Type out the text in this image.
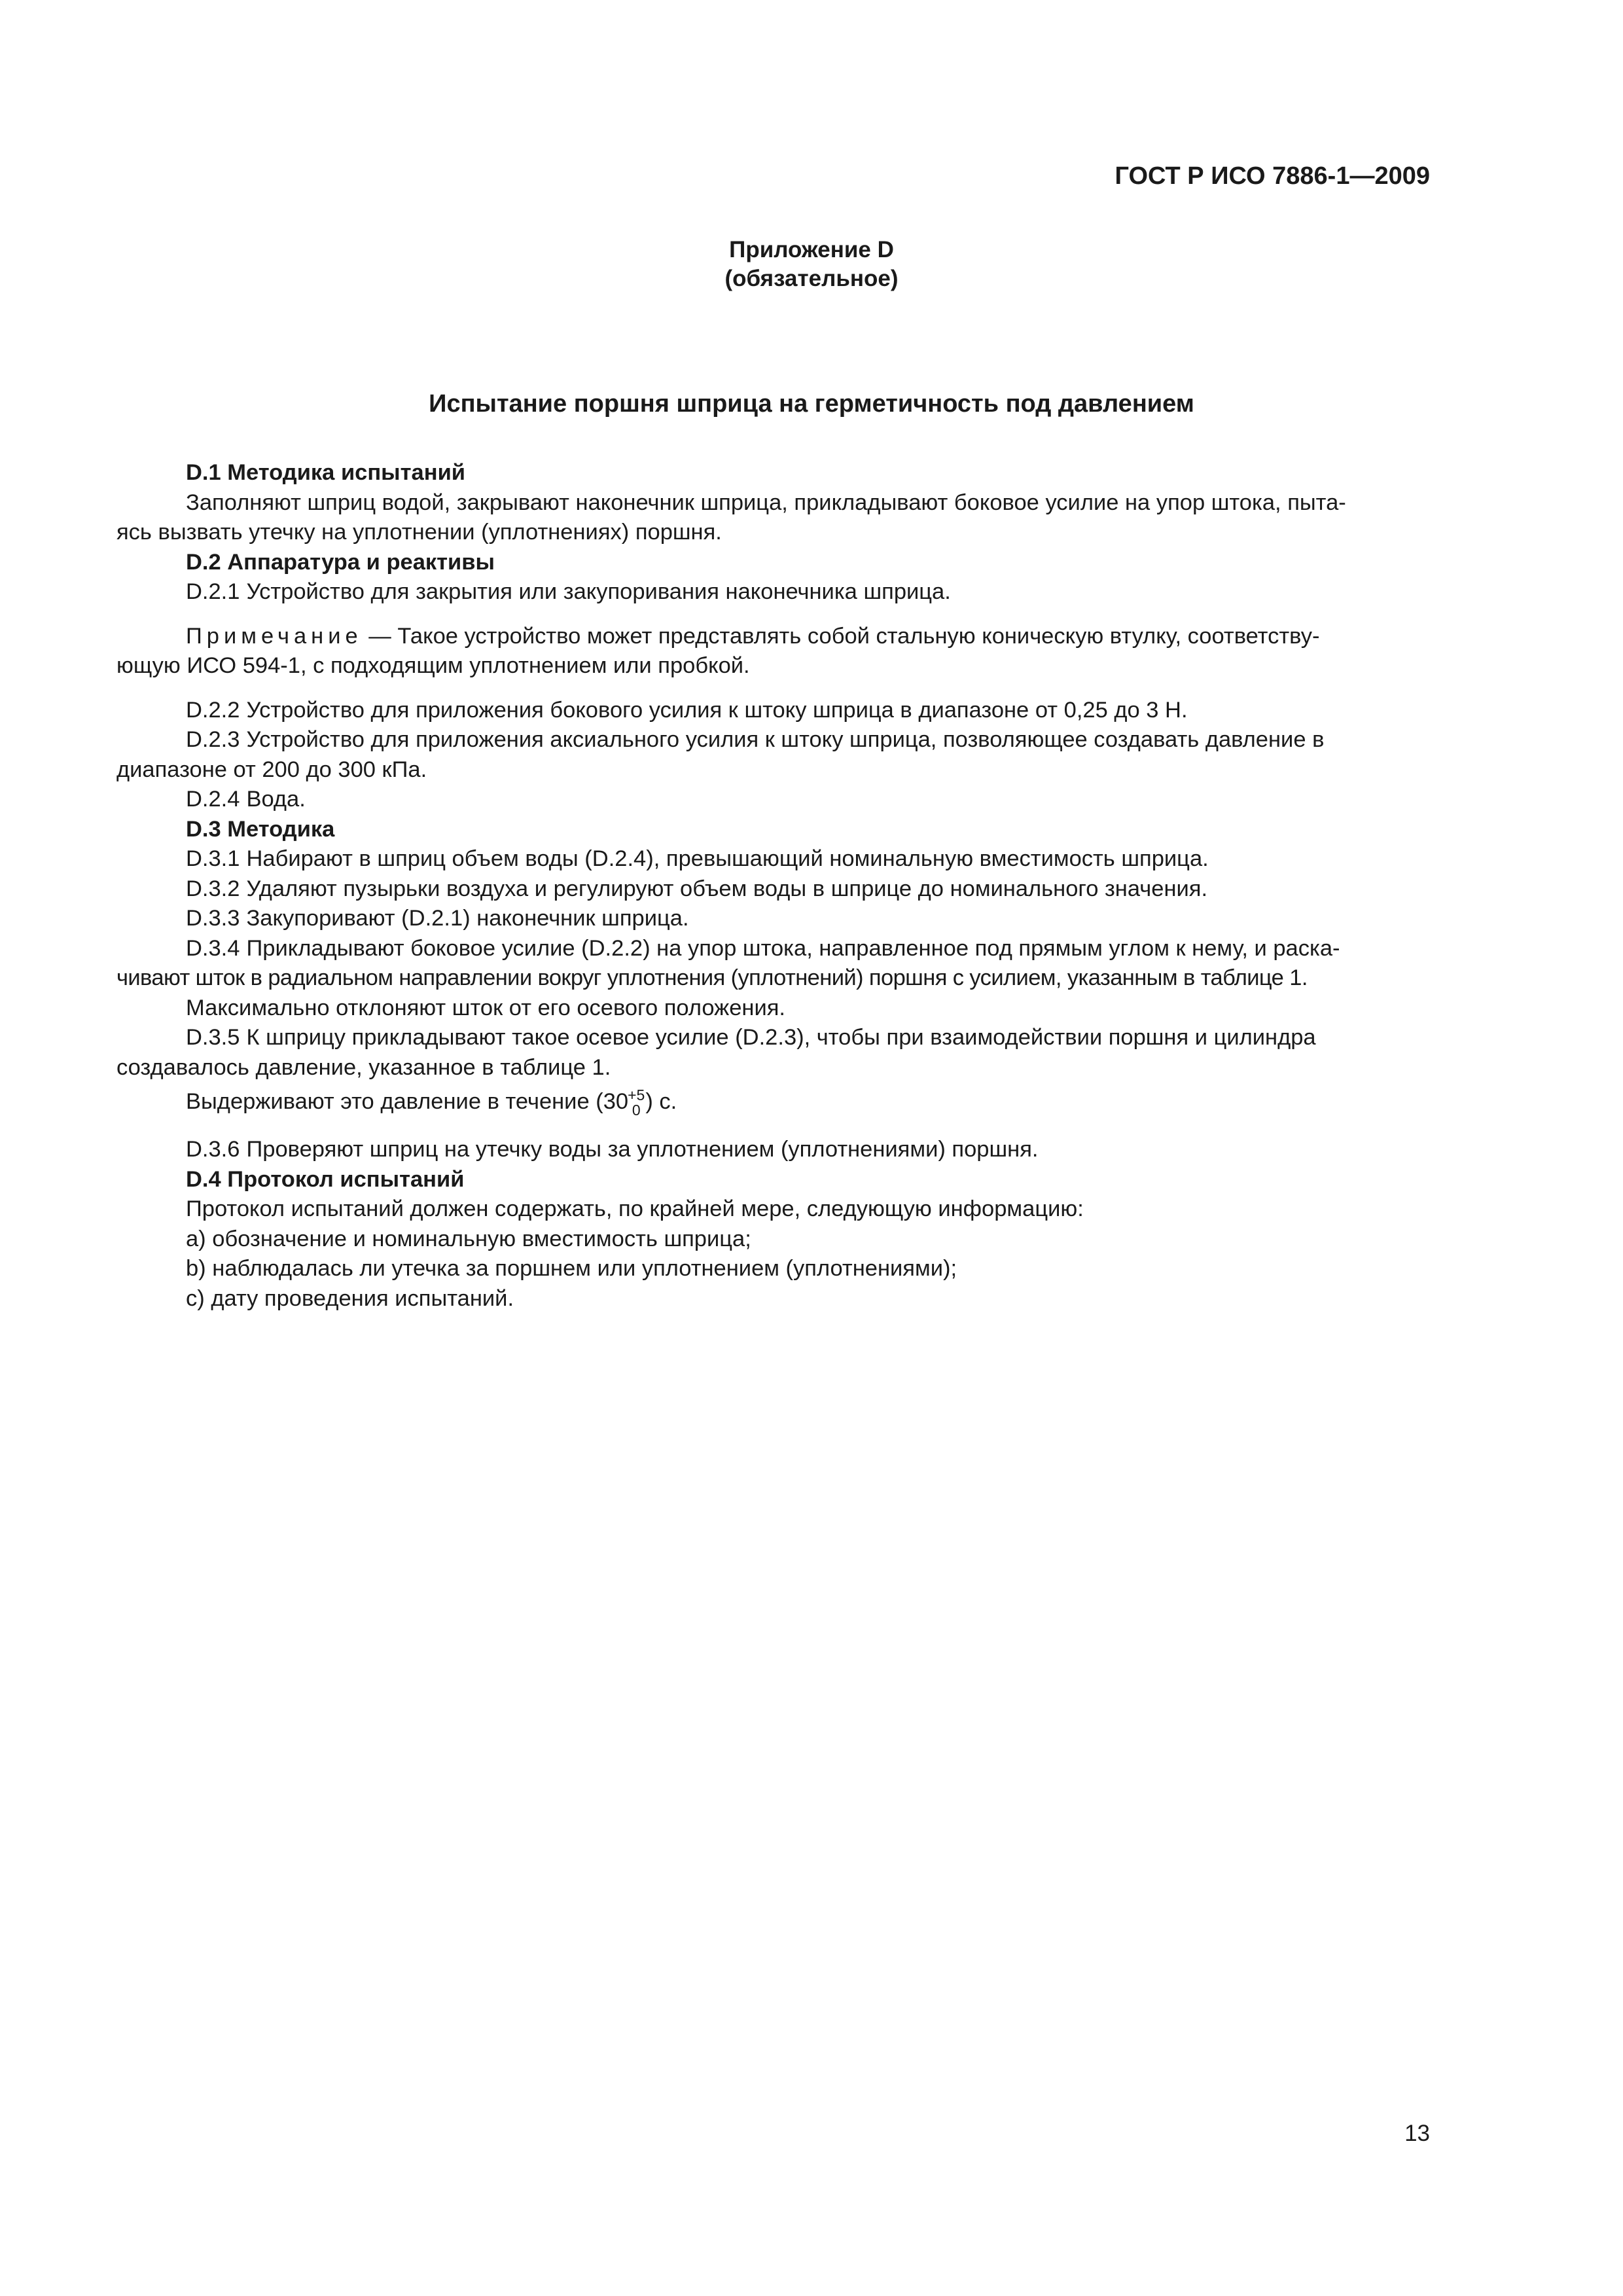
ГОСТ Р ИСО 7886-1—2009
Приложение D
(обязательное)
Испытание поршня шприца на герметичность под давлением

D.1 Методика испытаний

Заполняют шприц водой, закрывают наконечник шприца, прикладывают боковое усилие на упор штока, пыта-

ясь вызвать утечку на уплотнении (уплотнениях) поршня.

D.2 Аппаратура и реактивы

D.2.1 Устройство для закрытия или закупоривания наконечника шприца.

Примечание — Такое устройство может представлять собой стальную коническую втулку, соответству-

ющую ИСО 594-1, с подходящим уплотнением или пробкой.

D.2.2 Устройство для приложения бокового усилия к штоку шприца в диапазоне от 0,25 до 3 Н.

D.2.3 Устройство для приложения аксиального усилия к штоку шприца, позволяющее создавать давление в

диапазоне от 200 до 300 кПа.

D.2.4 Вода.

D.3 Методика

D.3.1 Набирают в шприц объем воды (D.2.4), превышающий номинальную вместимость шприца.

D.3.2 Удаляют пузырьки воздуха и регулируют объем воды в шприце до номинального значения.

D.3.3 Закупоривают (D.2.1) наконечник шприца.

D.3.4 Прикладывают боковое усилие (D.2.2) на упор штока, направленное под прямым углом к нему, и раска-

чивают шток в радиальном направлении вокруг уплотнения (уплотнений) поршня с усилием, указанным в таблице 1.

Максимально отклоняют шток от его осевого положения.

D.3.5 К шприцу прикладывают такое осевое усилие (D.2.3), чтобы при взаимодействии поршня и цилиндра

создавалось давление, указанное в таблице 1.

Выдерживают это давление в течение (30 +5
0 ) с.

D.3.6 Проверяют шприц на утечку воды за уплотнением (уплотнениями) поршня.

D.4 Протокол испытаний

Протокол испытаний должен содержать, по крайней мере, следующую информацию:

a) обозначение и номинальную вместимость шприца;

b) наблюдалась ли утечка за поршнем или уплотнением (уплотнениями);

c) дату проведения испытаний.

13
